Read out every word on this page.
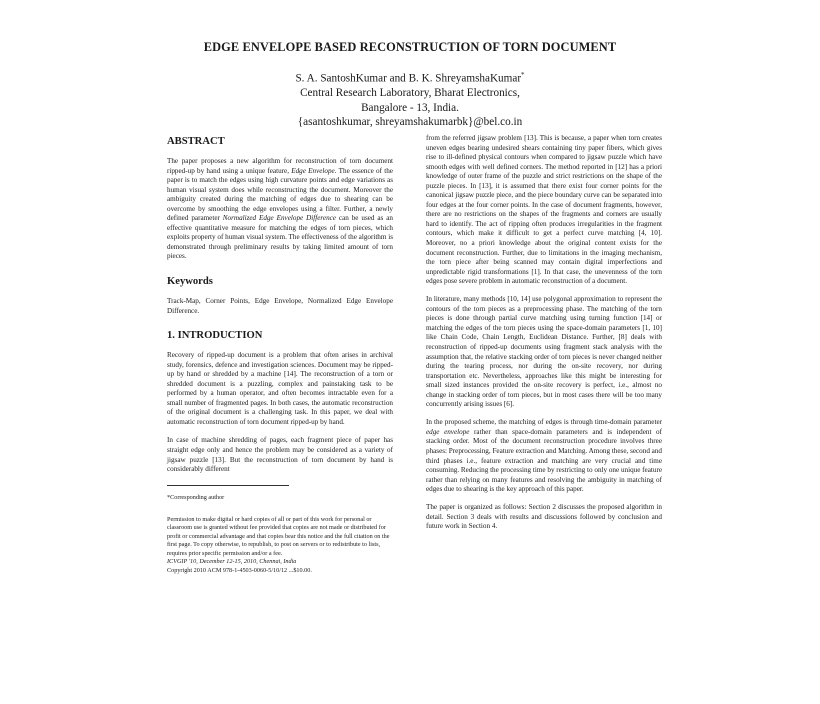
EDGE ENVELOPE BASED RECONSTRUCTION OF TORN DOCUMENT
S. A. SantoshKumar and B. K. ShreyamshaKumar*
Central Research Laboratory, Bharat Electronics,
Bangalore - 13, India.
{asantoshkumar, shreyamshakumarbk}@bel.co.in
ABSTRACT

The paper proposes a new algorithm for reconstruction of torn document ripped-up by hand using a unique feature, Edge Envelope. The essence of the paper is to match the edges using high curvature points and edge variations as human visual system does while reconstructing the document. Moreover the ambiguity created during the matching of edges due to shearing can be overcome by smoothing the edge envelopes using a filter. Further, a newly defined parameter Normalized Edge Envelope Difference can be used as an effective quantitative measure for matching the edges of torn pieces, which exploits property of human visual system. The effectiveness of the algorithm is demonstrated through preliminary results by taking limited amount of torn pieces.

Keywords

Track-Map, Corner Points, Edge Envelope, Normalized Edge Envelope Difference.

1. INTRODUCTION

Recovery of ripped-up document is a problem that often arises in archival study, forensics, defence and investigation sciences. Document may be ripped-up by hand or shredded by a machine [14]. The reconstruction of a torn or shredded document is a puzzling, complex and painstaking task to be performed by a human operator, and often becomes intractable even for a small number of fragmented pages. In both cases, the automatic reconstruction of the original document is a challenging task. In this paper, we deal with automatic reconstruction of torn document ripped-up by hand.

In case of machine shredding of pages, each fragment piece of paper has straight edge only and hence the problem may be considered as a variety of jigsaw puzzle [13]. But the reconstruction of torn document by hand is considerably different

*Corresponding author

Permission to make digital or hard copies of all or part of this work for personal or classroom use is granted without fee provided that copies are not made or distributed for profit or commercial advantage and that copies bear this notice and the full citation on the first page. To copy otherwise, to republish, to post on servers or to redistribute to lists, requires prior specific permission and/or a fee.
ICVGIP '10, December 12-15, 2010, Chennai, India
Copyright 2010 ACM 978-1-4503-0060-5/10/12 ...$10.00.

from the referred jigsaw problem [13]. This is because, a paper when torn creates uneven edges bearing undesired shears containing tiny paper fibers, which gives rise to ill-defined physical contours when compared to jigsaw puzzle which have smooth edges with well defined corners. The method reported in [12] has a priori knowledge of outer frame of the puzzle and strict restrictions on the shape of the puzzle pieces. In [13], it is assumed that there exist four corner points for the canonical jigsaw puzzle piece, and the piece boundary curve can be separated into four edges at the four corner points. In the case of document fragments, however, there are no restrictions on the shapes of the fragments and corners are usually hard to identify. The act of ripping often produces irregularities in the fragment contours, which make it difficult to get a perfect curve matching [4, 10]. Moreover, no a priori knowledge about the original content exists for the document reconstruction. Further, due to limitations in the imaging mechanism, the torn piece after being scanned may contain digital imperfections and unpredictable rigid transformations [1]. In that case, the unevenness of the torn edges pose severe problem in automatic reconstruction of a document.

In literature, many methods [10, 14] use polygonal approximation to represent the contours of the torn pieces as a preprocessing phase. The matching of the torn pieces is done through partial curve matching using turning function [14] or matching the edges of the torn pieces using the space-domain parameters [1, 10] like Chain Code, Chain Length, Euclidean Distance. Further, [8] deals with reconstruction of ripped-up documents using fragment stack analysis with the assumption that, the relative stacking order of torn pieces is never changed neither during the tearing process, nor during the on-site recovery, nor during transportation etc. Nevertheless, approaches like this might be interesting for small sized instances provided the on-site recovery is perfect, i.e., almost no change in stacking order of torn pieces, but in most cases there will be too many concurrently arising issues [6].

In the proposed scheme, the matching of edges is through time-domain parameter edge envelope rather than space-domain parameters and is independent of stacking order. Most of the document reconstruction procedure involves three phases: Preprocessing, Feature extraction and Matching. Among these, second and third phases i.e., feature extraction and matching are very crucial and time consuming. Reducing the processing time by restricting to only one unique feature rather than relying on many features and resolving the ambiguity in matching of edges due to shearing is the key approach of this paper.

The paper is organized as follows: Section 2 discusses the proposed algorithm in detail. Section 3 deals with results and discussions followed by conclusion and future work in Section 4.
